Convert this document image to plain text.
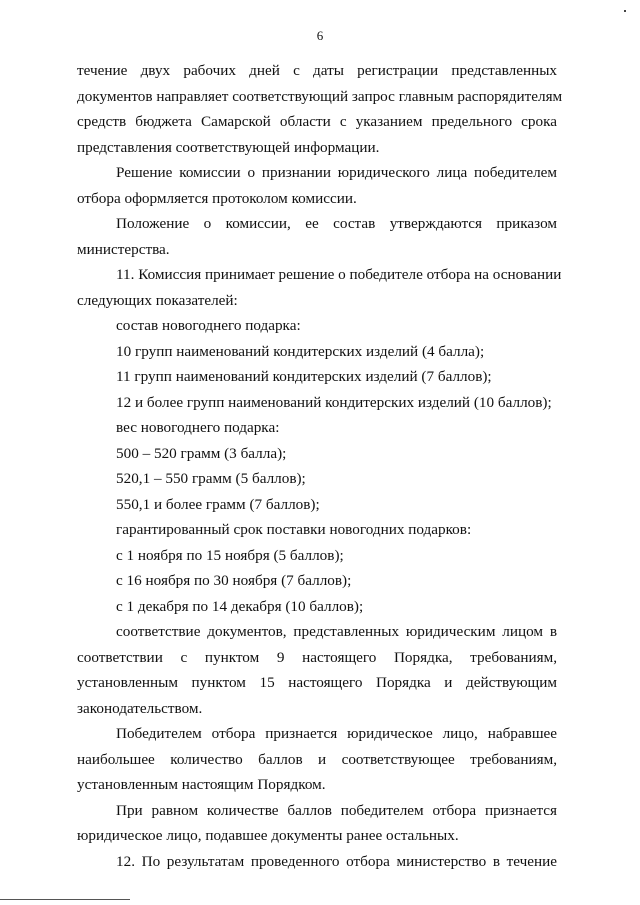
6
течение двух рабочих дней с даты регистрации представленных
документов направляет соответствующий запрос главным распорядителям
средств бюджета Самарской области с указанием предельного срока
представления соответствующей информации.
Решение комиссии о признании юридического лица победителем
отбора оформляется протоколом комиссии.
Положение о комиссии, ее состав утверждаются приказом
министерства.
11. Комиссия принимает решение о победителе отбора на основании
следующих показателей:
состав новогоднего подарка:
10 групп наименований кондитерских изделий (4 балла);
11 групп наименований кондитерских изделий (7 баллов);
12 и более групп наименований кондитерских изделий (10 баллов);
вес новогоднего подарка:
500 – 520 грамм (3 балла);
520,1 – 550 грамм (5 баллов);
550,1 и более грамм (7 баллов);
гарантированный срок поставки новогодних подарков:
с 1 ноября по 15 ноября (5 баллов);
с 16 ноября по 30 ноября (7 баллов);
с 1 декабря по 14 декабря (10 баллов);
соответствие документов, представленных юридическим лицом в
соответствии с пунктом 9 настоящего Порядка, требованиям,
установленным пунктом 15 настоящего Порядка и действующим
законодательством.
Победителем отбора признается юридическое лицо, набравшее
наибольшее количество баллов и соответствующее требованиям,
установленным настоящим Порядком.
При равном количестве баллов победителем отбора признается
юридическое лицо, подавшее документы ранее остальных.
12. По результатам проведенного отбора министерство в течение
